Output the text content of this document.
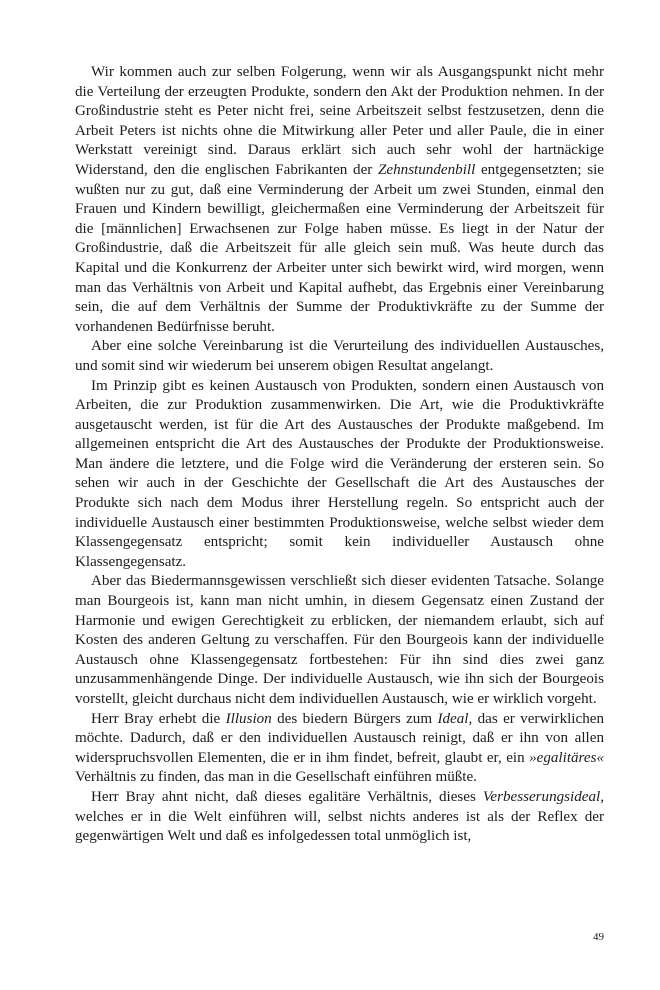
Wir kommen auch zur selben Folgerung, wenn wir als Ausgangspunkt nicht mehr die Verteilung der erzeugten Produkte, sondern den Akt der Produktion nehmen. In der Großindustrie steht es Peter nicht frei, seine Arbeitszeit selbst festzusetzen, denn die Arbeit Peters ist nichts ohne die Mitwirkung aller Peter und aller Paule, die in einer Werkstatt vereinigt sind. Daraus erklärt sich auch sehr wohl der hartnäckige Widerstand, den die englischen Fabrikanten der Zehnstundenbill entgegensetzten; sie wußten nur zu gut, daß eine Verminderung der Arbeit um zwei Stunden, einmal den Frauen und Kindern bewilligt, gleichermaßen eine Verminderung der Arbeitszeit für die [männlichen] Erwachsenen zur Folge haben müsse. Es liegt in der Natur der Großindustrie, daß die Arbeitszeit für alle gleich sein muß. Was heute durch das Kapital und die Konkurrenz der Arbeiter unter sich bewirkt wird, wird morgen, wenn man das Verhältnis von Arbeit und Kapital aufhebt, das Ergebnis einer Vereinbarung sein, die auf dem Verhältnis der Summe der Produktivkräfte zu der Summe der vorhandenen Bedürfnisse beruht.

Aber eine solche Vereinbarung ist die Verurteilung des individuellen Austausches, und somit sind wir wiederum bei unserem obigen Resultat angelangt.

Im Prinzip gibt es keinen Austausch von Produkten, sondern einen Austausch von Arbeiten, die zur Produktion zusammenwirken. Die Art, wie die Produktivkräfte ausgetauscht werden, ist für die Art des Austausches der Produkte maßgebend. Im allgemeinen entspricht die Art des Austausches der Produkte der Produktionsweise. Man ändere die letztere, und die Folge wird die Veränderung der ersteren sein. So sehen wir auch in der Geschichte der Gesellschaft die Art des Austausches der Produkte sich nach dem Modus ihrer Herstellung regeln. So entspricht auch der individuelle Austausch einer bestimmten Produktionsweise, welche selbst wieder dem Klassengegensatz entspricht; somit kein individueller Austausch ohne Klassengegensatz.

Aber das Biedermannsgewissen verschließt sich dieser evidenten Tatsache. Solange man Bourgeois ist, kann man nicht umhin, in diesem Gegensatz einen Zustand der Harmonie und ewigen Gerechtigkeit zu erblicken, der niemandem erlaubt, sich auf Kosten des anderen Geltung zu verschaffen. Für den Bourgeois kann der individuelle Austausch ohne Klassengegensatz fortbestehen: Für ihn sind dies zwei ganz unzusammenhängende Dinge. Der individuelle Austausch, wie ihn sich der Bourgeois vorstellt, gleicht durchaus nicht dem individuellen Austausch, wie er wirklich vorgeht.

Herr Bray erhebt die Illusion des biedern Bürgers zum Ideal, das er verwirklichen möchte. Dadurch, daß er den individuellen Austausch reinigt, daß er ihn von allen widerspruchsvollen Elementen, die er in ihm findet, befreit, glaubt er, ein »egalitäres« Verhältnis zu finden, das man in die Gesellschaft einführen müßte.

Herr Bray ahnt nicht, daß dieses egalitäre Verhältnis, dieses Verbesserungsideal, welches er in die Welt einführen will, selbst nichts anderes ist als der Reflex der gegenwärtigen Welt und daß es infolgedessen total unmöglich ist,

49
